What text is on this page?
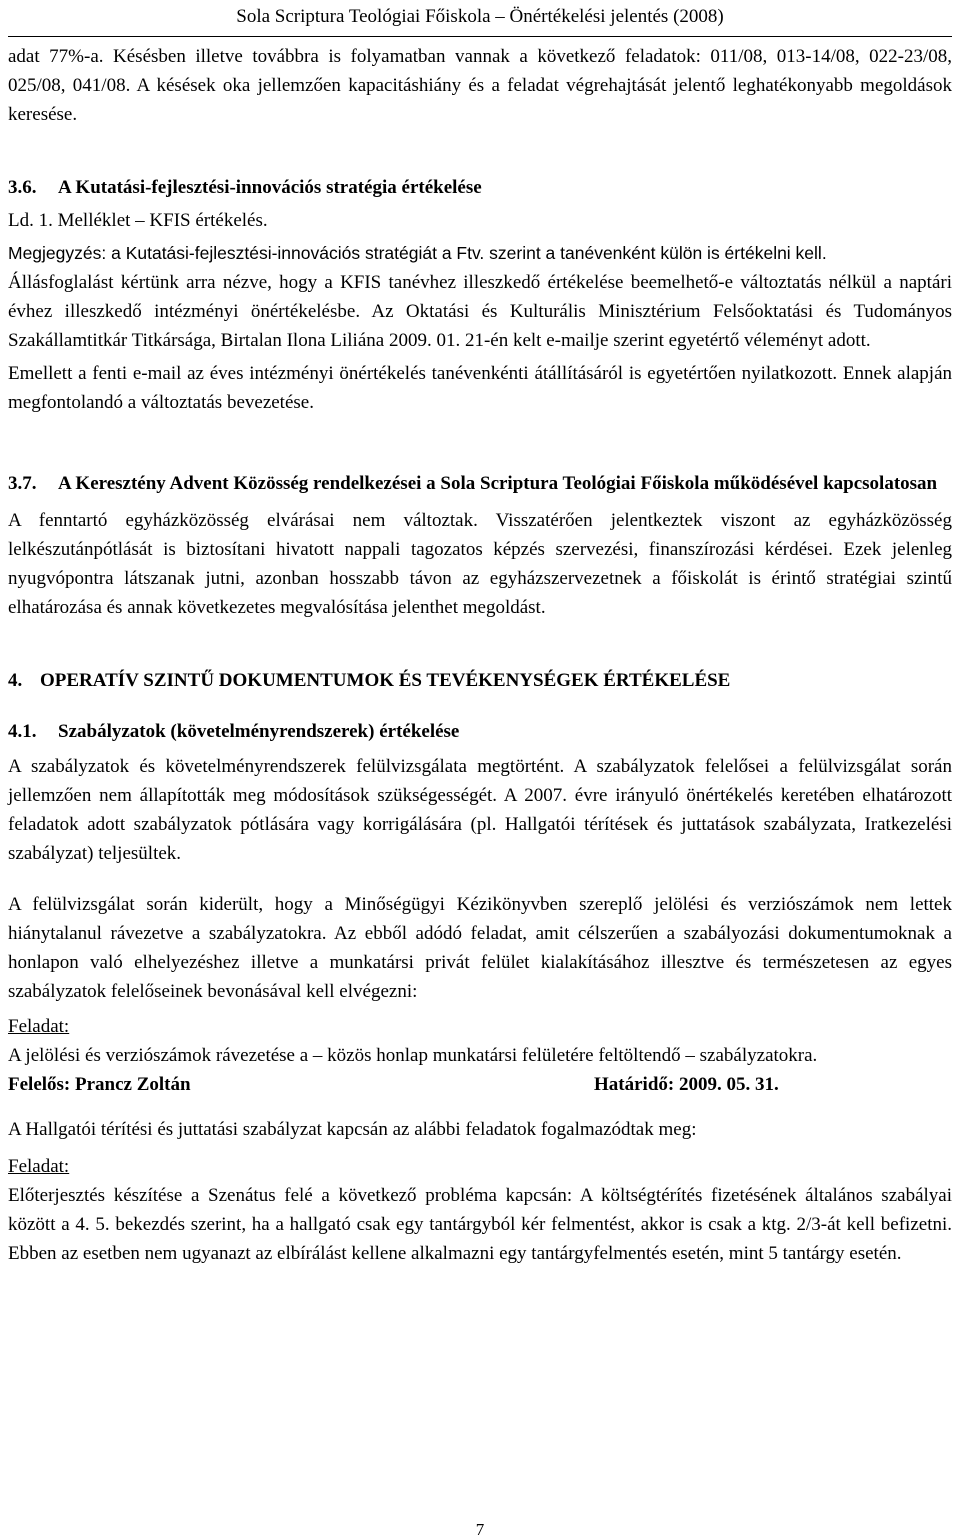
Sola Scriptura Teológiai Főiskola – Önértékelési jelentés (2008)

adat 77%-a. Késésben illetve továbbra is folyamatban vannak a következő feladatok: 011/08, 013-14/08, 022-23/08, 025/08, 041/08. A késések oka jellemzően kapacitáshiány és a feladat végrehajtását jelentő leghatékonyabb megoldások keresése.

3.6.	A Kutatási-fejlesztési-innovációs stratégia értékelése

Ld. 1. Melléklet – KFIS értékelés.

Megjegyzés: a Kutatási-fejlesztési-innovációs stratégiát a Ftv. szerint a tanévenként külön is értékelni kell.

Állásfoglalást kértünk arra nézve, hogy a KFIS tanévhez illeszkedő értékelése beemelhető-e változtatás nélkül a naptári évhez illeszkedő intézményi önértékelésbe. Az Oktatási és Kulturális Minisztérium Felsőoktatási és Tudományos Szakállamtitkár Titkársága, Birtalan Ilona Liliána 2009. 01. 21-én kelt e-mailje szerint egyetértő véleményt adott.

Emellett a fenti e-mail az éves intézményi önértékelés tanévenkénti átállításáról is egyetértően nyilatkozott. Ennek alapján megfontolandó a változtatás bevezetése.

3.7.	A Keresztény Advent Közösség rendelkezései a Sola Scriptura Teológiai Főiskola működésével kapcsolatosan

A fenntartó egyházközösség elvárásai nem változtak. Visszatérően jelentkeztek viszont az egyházközösség lelkészutánpótlását is biztosítani hivatott nappali tagozatos képzés szervezési, finanszírozási kérdései. Ezek jelenleg nyugvópontra látszanak jutni, azonban hosszabb távon az egyházszervezetnek a főiskolát is érintő stratégiai szintű elhatározása és annak következetes megvalósítása jelenthet megoldást.

4. OPERATÍV SZINTŰ DOKUMENTUMOK ÉS TEVÉKENYSÉGEK ÉRTÉKELÉSE
4.1.	Szabályzatok (követelményrendszerek) értékelése

A szabályzatok és követelményrendszerek felülvizsgálata megtörtént. A szabályzatok felelősei a felülvizsgálat során jellemzően nem állapították meg módosítások szükségességét. A 2007. évre irányuló önértékelés keretében elhatározott feladatok adott szabályzatok pótlására vagy korrigálására (pl. Hallgatói térítések és juttatások szabályzata, Iratkezelési szabályzat) teljesültek.

A felülvizsgálat során kiderült, hogy a Minőségügyi Kézikönyvben szereplő jelölési és verziószámok nem lettek hiánytalanul rávezetve a szabályzatokra. Az ebből adódó feladat, amit célszerűen a szabályozási dokumentumoknak a honlapon való elhelyezéshez illetve a munkatársi privát felület kialakításához illesztve és természetesen az egyes szabályzatok felelőseinek bevonásával kell elvégezni:

Feladat:

A jelölési és verziószámok rávezetése a – közös honlap munkatársi felületére feltöltendő – szabályzatokra.

Felelős: Prancz Zoltán	Határidő: 2009. 05. 31.

A Hallgatói térítési és juttatási szabályzat kapcsán az alábbi feladatok fogalmazódtak meg:

Feladat:

Előterjesztés készítése a Szenátus felé a következő probléma kapcsán: A költségtérítés fizetésének általános szabályai között a 4. 5. bekezdés szerint, ha a hallgató csak egy tantárgyból kér felmentést, akkor is csak a ktg. 2/3-át kell befizetni. Ebben az esetben nem ugyanazt az elbírálást kellene alkalmazni egy tantárgyfelmentés esetén, mint 5 tantárgy esetén.

7
